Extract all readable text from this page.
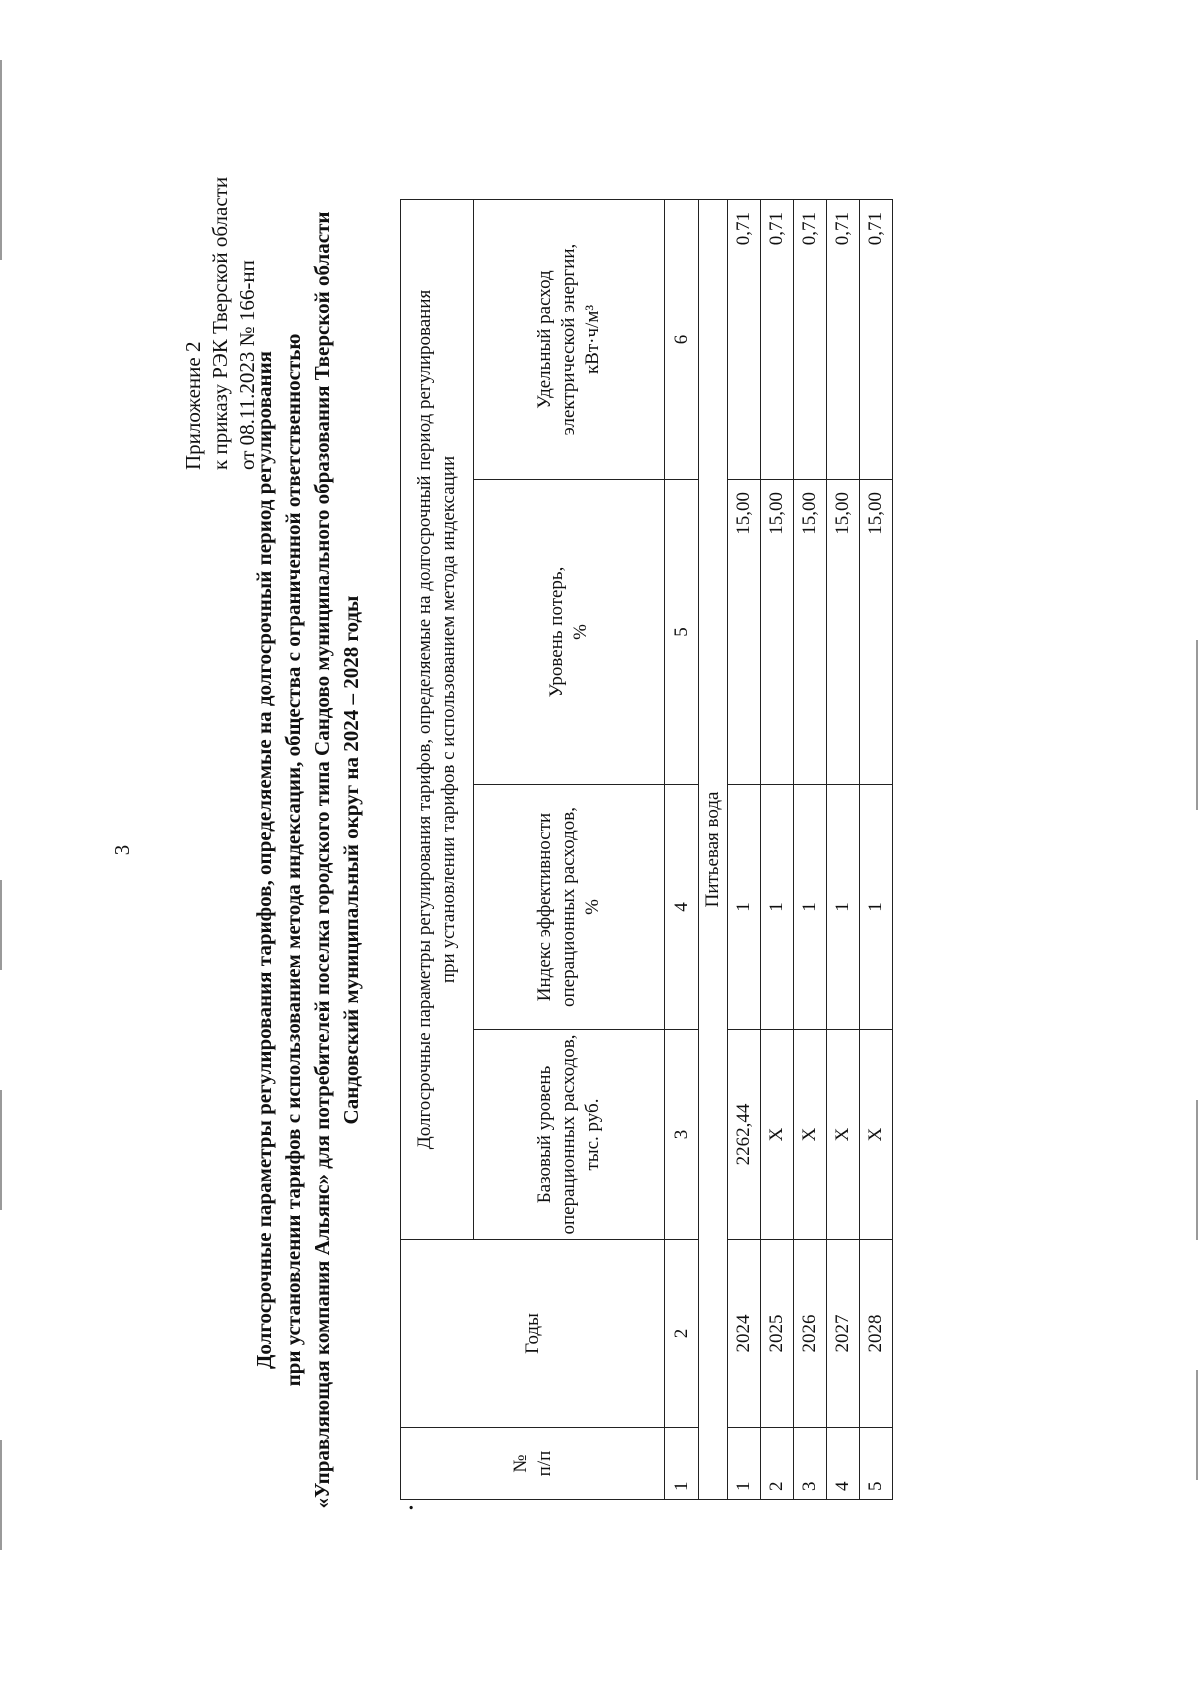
3
Приложение 2 к приказу РЭК Тверской области от 08.11.2023 № 166-нп
Долгосрочные параметры регулирования тарифов, определяемые на долгосрочный период регулирования при установлении тарифов с использованием метода индексации, общества с ограниченной ответственностью «Управляющая компания Альянс» для потребителей поселка городского типа Сандово муниципального образования Тверской области Сандовский муниципальный округ на 2024 – 2028 годы
•
№ п/п	Годы	Долгосрочные параметры регулирования тарифов, определяемые на долгосрочный период регулирования при установлении тарифов с использованием метода индексации			

		Базовый уровень операционных расходов, тыс. руб.	Индекс эффективности операционных расходов, %	Уровень потерь, %	Удельный расход электрической энергии, кВт·ч/м³

1	2	3	4	5	6
Питьевая вода					
1	2024	2262,44	1	15,00	0,71
2	2025	X	1	15,00	0,71
3	2026	X	1	15,00	0,71
4	2027	X	1	15,00	0,71
5	2028	X	1	15,00	0,71
